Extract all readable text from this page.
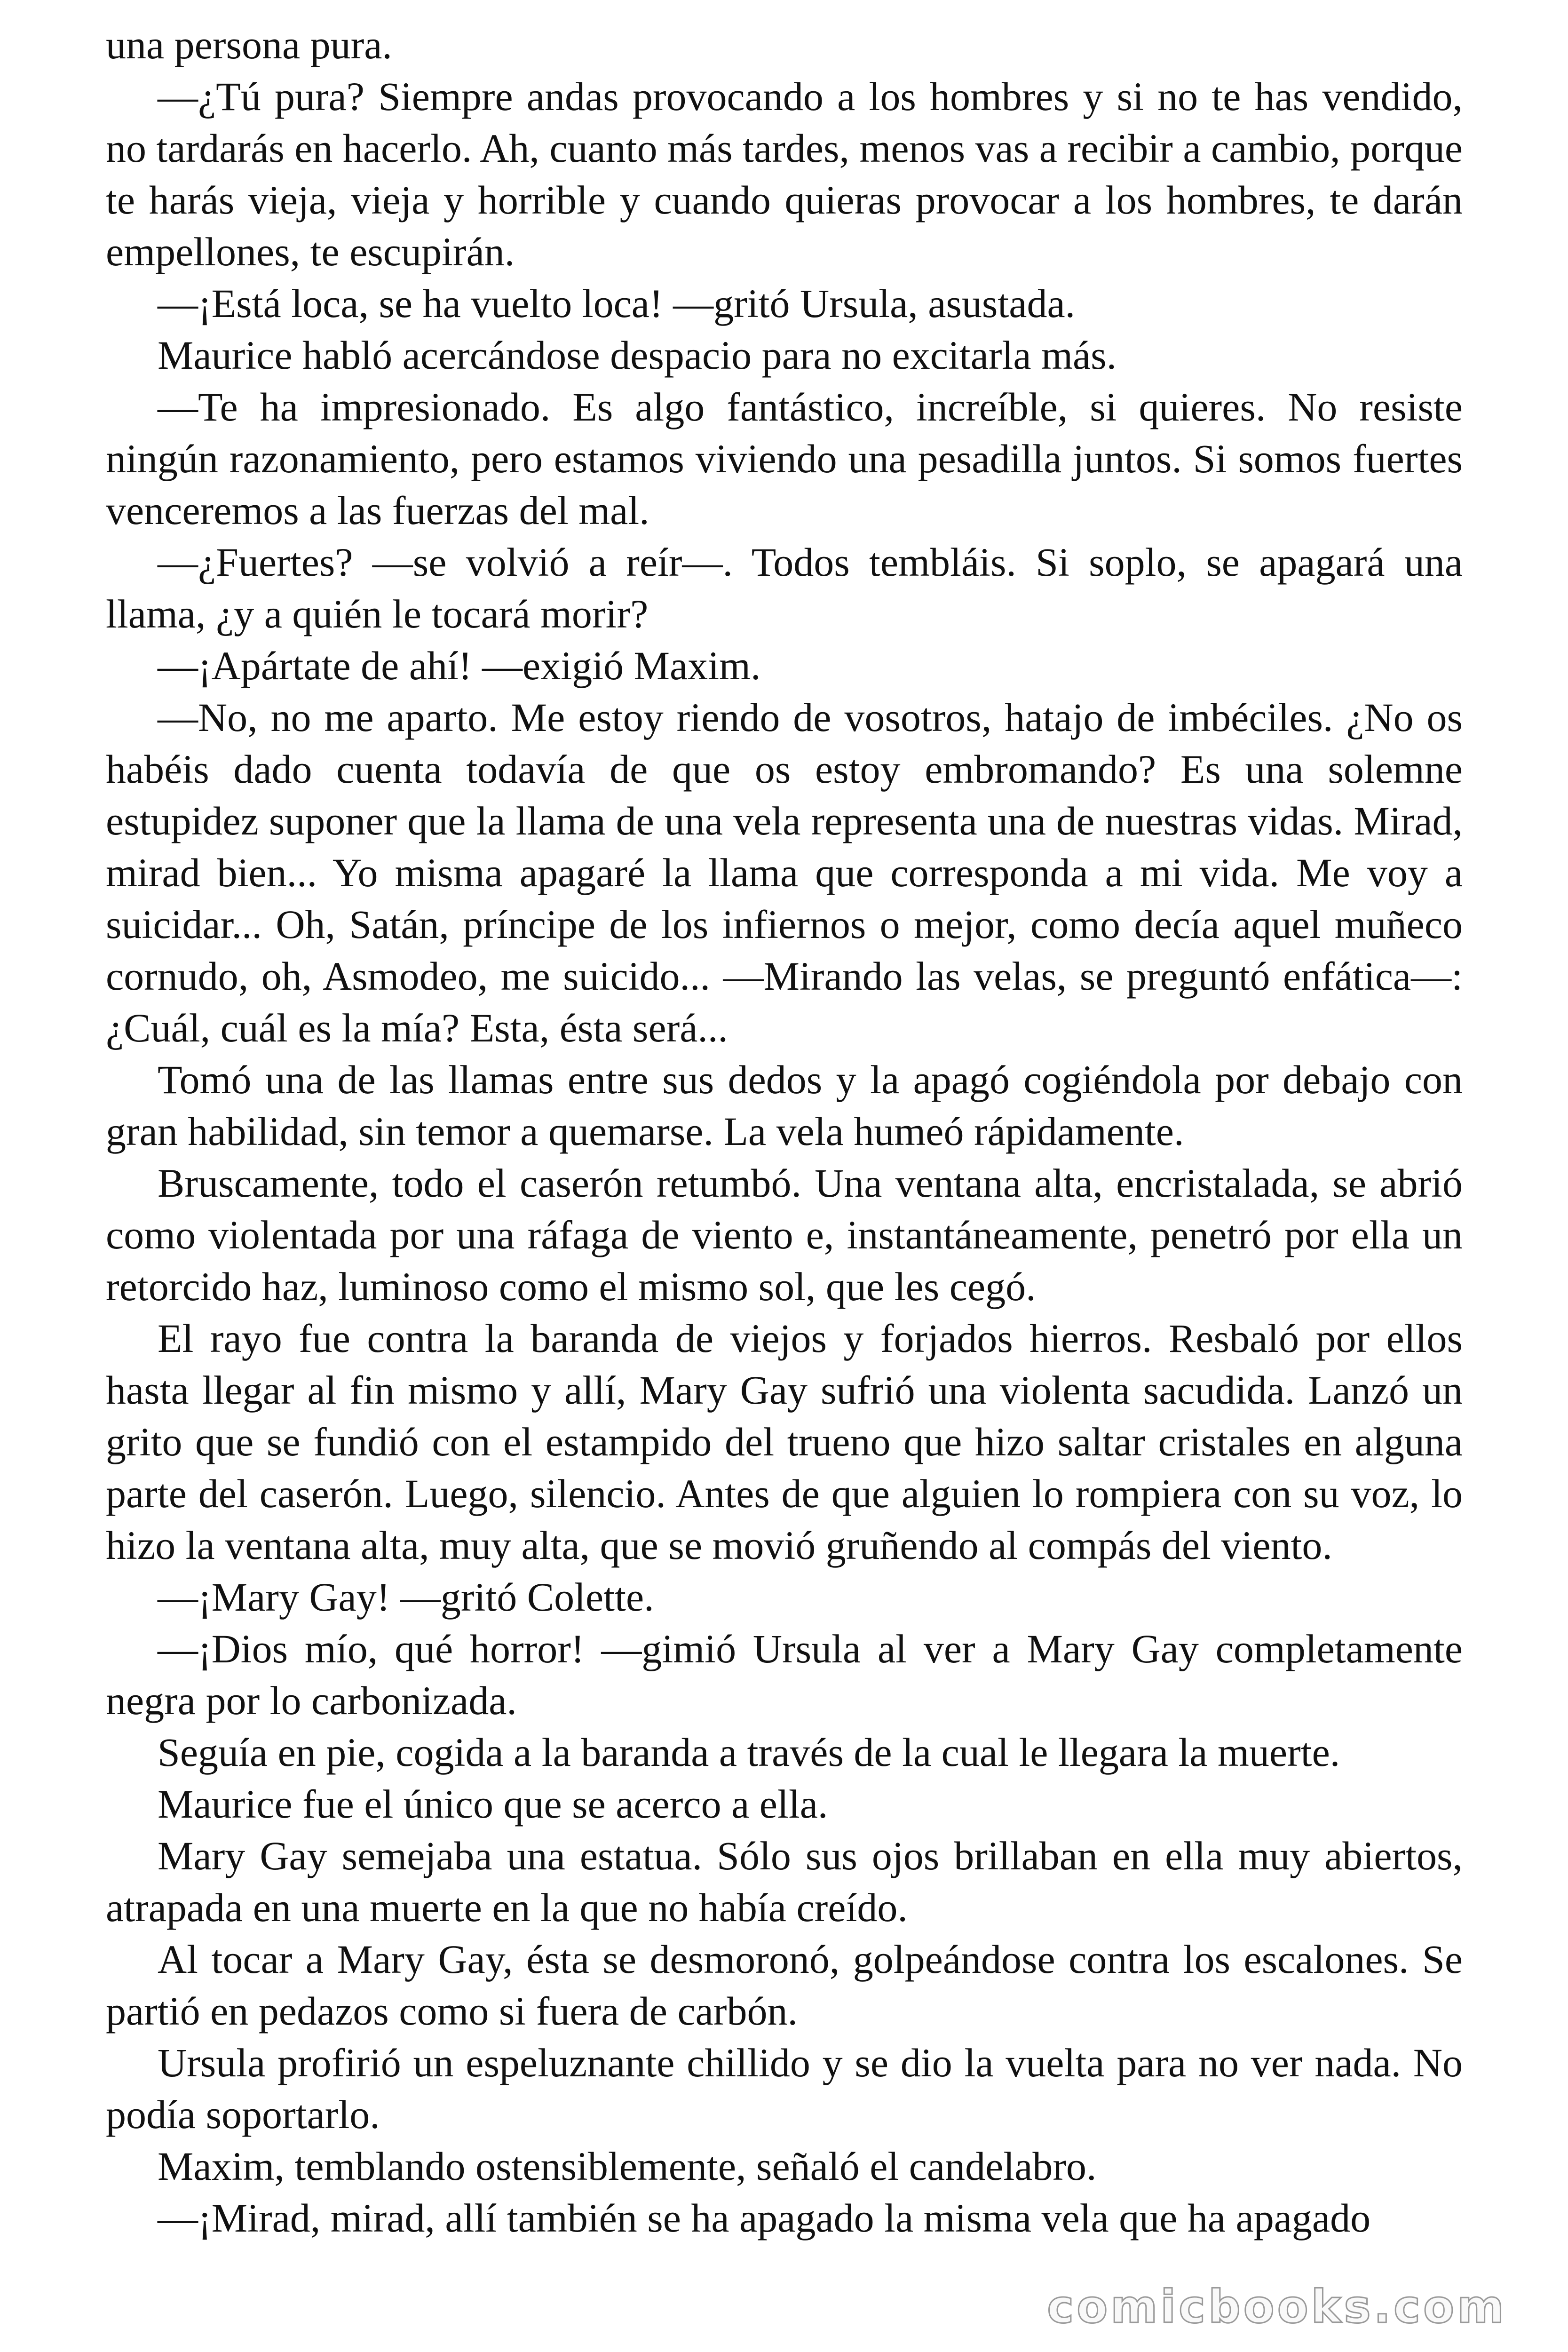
una persona pura.

—¿Tú pura? Siempre andas provocando a los hombres y si no te has vendido, no tardarás en hacerlo. Ah, cuanto más tardes, menos vas a recibir a cambio, porque te harás vieja, vieja y horrible y cuando quieras provocar a los hombres, te darán empellones, te escupirán.

—¡Está loca, se ha vuelto loca! —gritó Ursula, asustada.

Maurice habló acercándose despacio para no excitarla más.

—Te ha impresionado. Es algo fantástico, increíble, si quieres. No resiste ningún razonamiento, pero estamos viviendo una pesadilla juntos. Si somos fuertes venceremos a las fuerzas del mal.

—¿Fuertes? —se volvió a reír—. Todos tembláis. Si soplo, se apagará una llama, ¿y a quién le tocará morir?

—¡Apártate de ahí! —exigió Maxim.

—No, no me aparto. Me estoy riendo de vosotros, hatajo de imbéciles. ¿No os habéis dado cuenta todavía de que os estoy embromando? Es una solemne estupidez suponer que la llama de una vela representa una de nuestras vidas. Mirad, mirad bien... Yo misma apagaré la llama que corresponda a mi vida. Me voy a suicidar... Oh, Satán, príncipe de los infiernos o mejor, como decía aquel muñeco cornudo, oh, Asmodeo, me suicido... —Mirando las velas, se preguntó enfática—: ¿Cuál, cuál es la mía? Esta, ésta será...

Tomó una de las llamas entre sus dedos y la apagó cogiéndola por debajo con gran habilidad, sin temor a quemarse. La vela humeó rápidamente.

Bruscamente, todo el caserón retumbó. Una ventana alta, encristalada, se abrió como violentada por una ráfaga de viento e, instantáneamente, penetró por ella un retorcido haz, luminoso como el mismo sol, que les cegó.

El rayo fue contra la baranda de viejos y forjados hierros. Resbaló por ellos hasta llegar al fin mismo y allí, Mary Gay sufrió una violenta sacudida. Lanzó un grito que se fundió con el estampido del trueno que hizo saltar cristales en alguna parte del caserón. Luego, silencio. Antes de que alguien lo rompiera con su voz, lo hizo la ventana alta, muy alta, que se movió gruñendo al compás del viento.

—¡Mary Gay! —gritó Colette.

—¡Dios mío, qué horror! —gimió Ursula al ver a Mary Gay completamente negra por lo carbonizada.

Seguía en pie, cogida a la baranda a través de la cual le llegara la muerte.

Maurice fue el único que se acerco a ella.

Mary Gay semejaba una estatua. Sólo sus ojos brillaban en ella muy abiertos, atrapada en una muerte en la que no había creído.

Al tocar a Mary Gay, ésta se desmoronó, golpeándose contra los escalones. Se partió en pedazos como si fuera de carbón.

Ursula profirió un espeluznante chillido y se dio la vuelta para no ver nada. No podía soportarlo.

Maxim, temblando ostensiblemente, señaló el candelabro.

—¡Mirad, mirad, allí también se ha apagado la misma vela que ha apagado

comicbooks.com
